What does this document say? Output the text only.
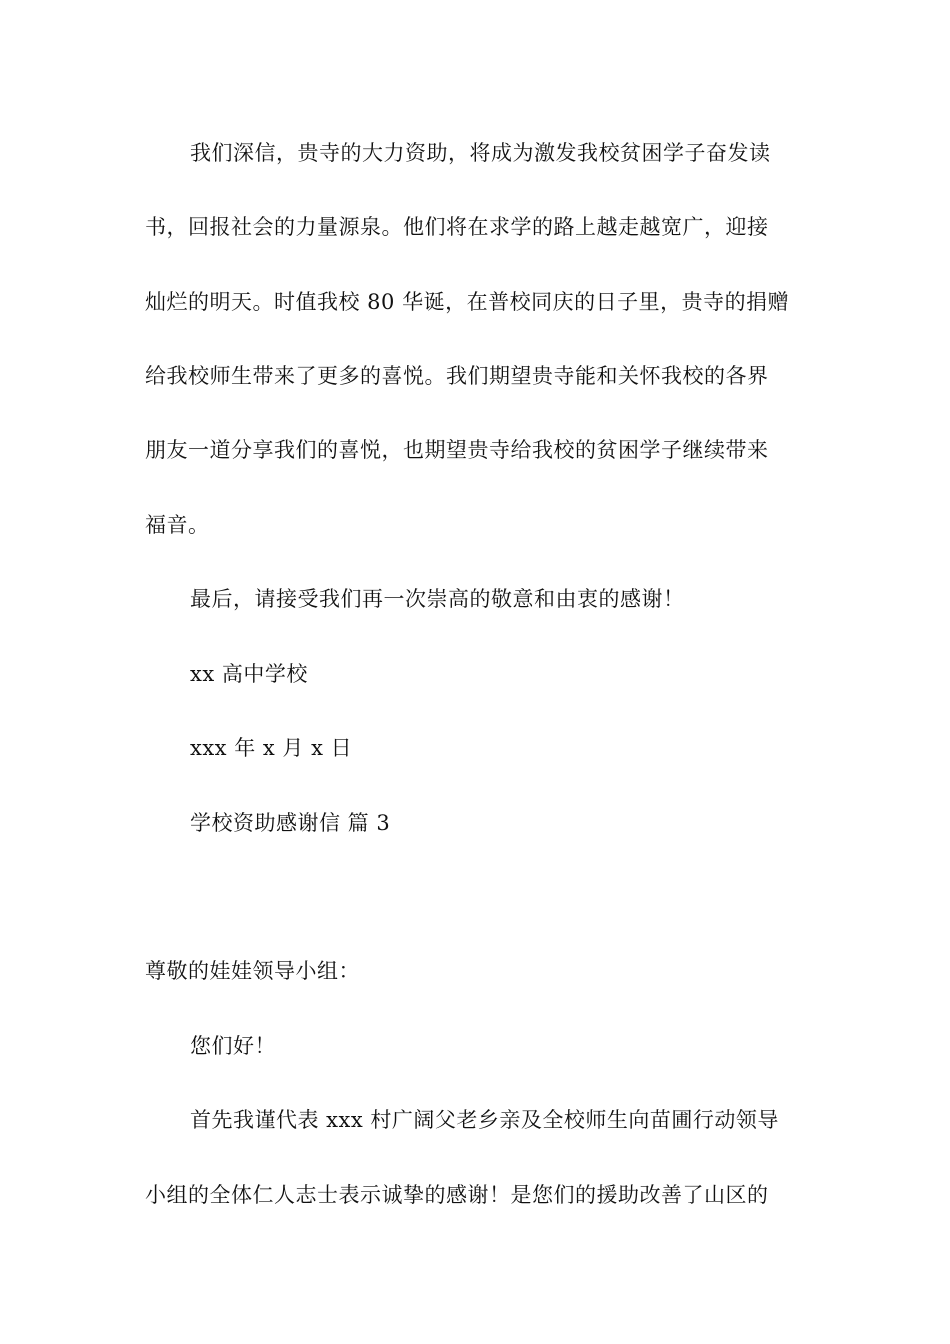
我们深信，贵寺的大力资助，将成为激发我校贫困学子奋发读
书，回报社会的力量源泉。他们将在求学的路上越走越宽广，迎接
灿烂的明天。时值我校 80 华诞，在普校同庆的日子里，贵寺的捐赠
给我校师生带来了更多的喜悦。我们期望贵寺能和关怀我校的各界
朋友一道分享我们的喜悦，也期望贵寺给我校的贫困学子继续带来
福音。
最后，请接受我们再一次崇高的敬意和由衷的感谢！
xx 高中学校
xxx 年 x 月 x 日
学校资助感谢信 篇 3
尊敬的娃娃领导小组：
您们好！
首先我谨代表 xxx 村广阔父老乡亲及全校师生向苗圃行动领导
小组的全体仁人志士表示诚挚的感谢！是您们的援助改善了山区的
